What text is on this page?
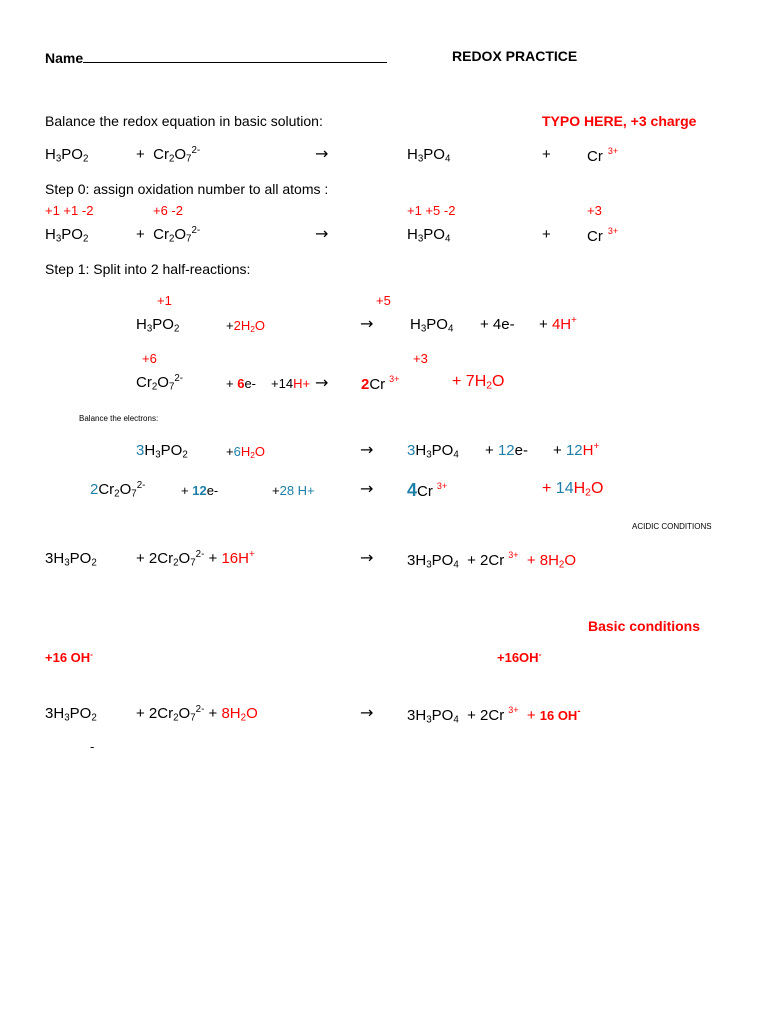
Name	REDOX PRACTICE
Balance the redox equation in basic solution:	TYPO HERE, +3 charge
$H_3PO_2$	+ $Cr_2O_7^{2-}$	→	$H_3PO_4$	+ Cr $^{3+}$
Step 0: assign oxidation number to all atoms :
+1 +1 -2	+6 -2	+1 +5 -2	+3
$H_3PO_2$	+ $Cr_2O_7^{2-}$	→	$H_3PO_4$	+ Cr $^{3+}$
Step 1: Split into 2 half-reactions:
+1	+5
$H_3PO_2$	$+2H_2O$	→ $H_3PO_4 + 4e- + 4H^+$
+6	+3
$Cr_2O_7^{2-}$	+ 6e- +14H+ → 2Cr $^{3+}$	+ $7H_2O$
Balance the electrons:
$3H_3PO_2$	$+6H_2O$	→ $3H_3PO_4 + 12e- + 12H^+$
$2Cr_2O_7^{2-}$	+ 12e-	+28 H+	→ 4Cr $^{3+}$	+ $14H_2O$
ACIDIC CONDITIONS
$3H_3PO_2$	+ $2Cr_2O_7^{2-} + 16H^+$	→ $3H_3PO_4 + 2Cr$ $^{3+} + 8H_2O$
Basic conditions
+16 OH-	+16OH-
$3H_3PO_2$	+ $2Cr_2O_7^{2-} + 8H_2O$	→ $3H_3PO_4 + 2Cr$ $^{3+}$ + 16 OH-
-
